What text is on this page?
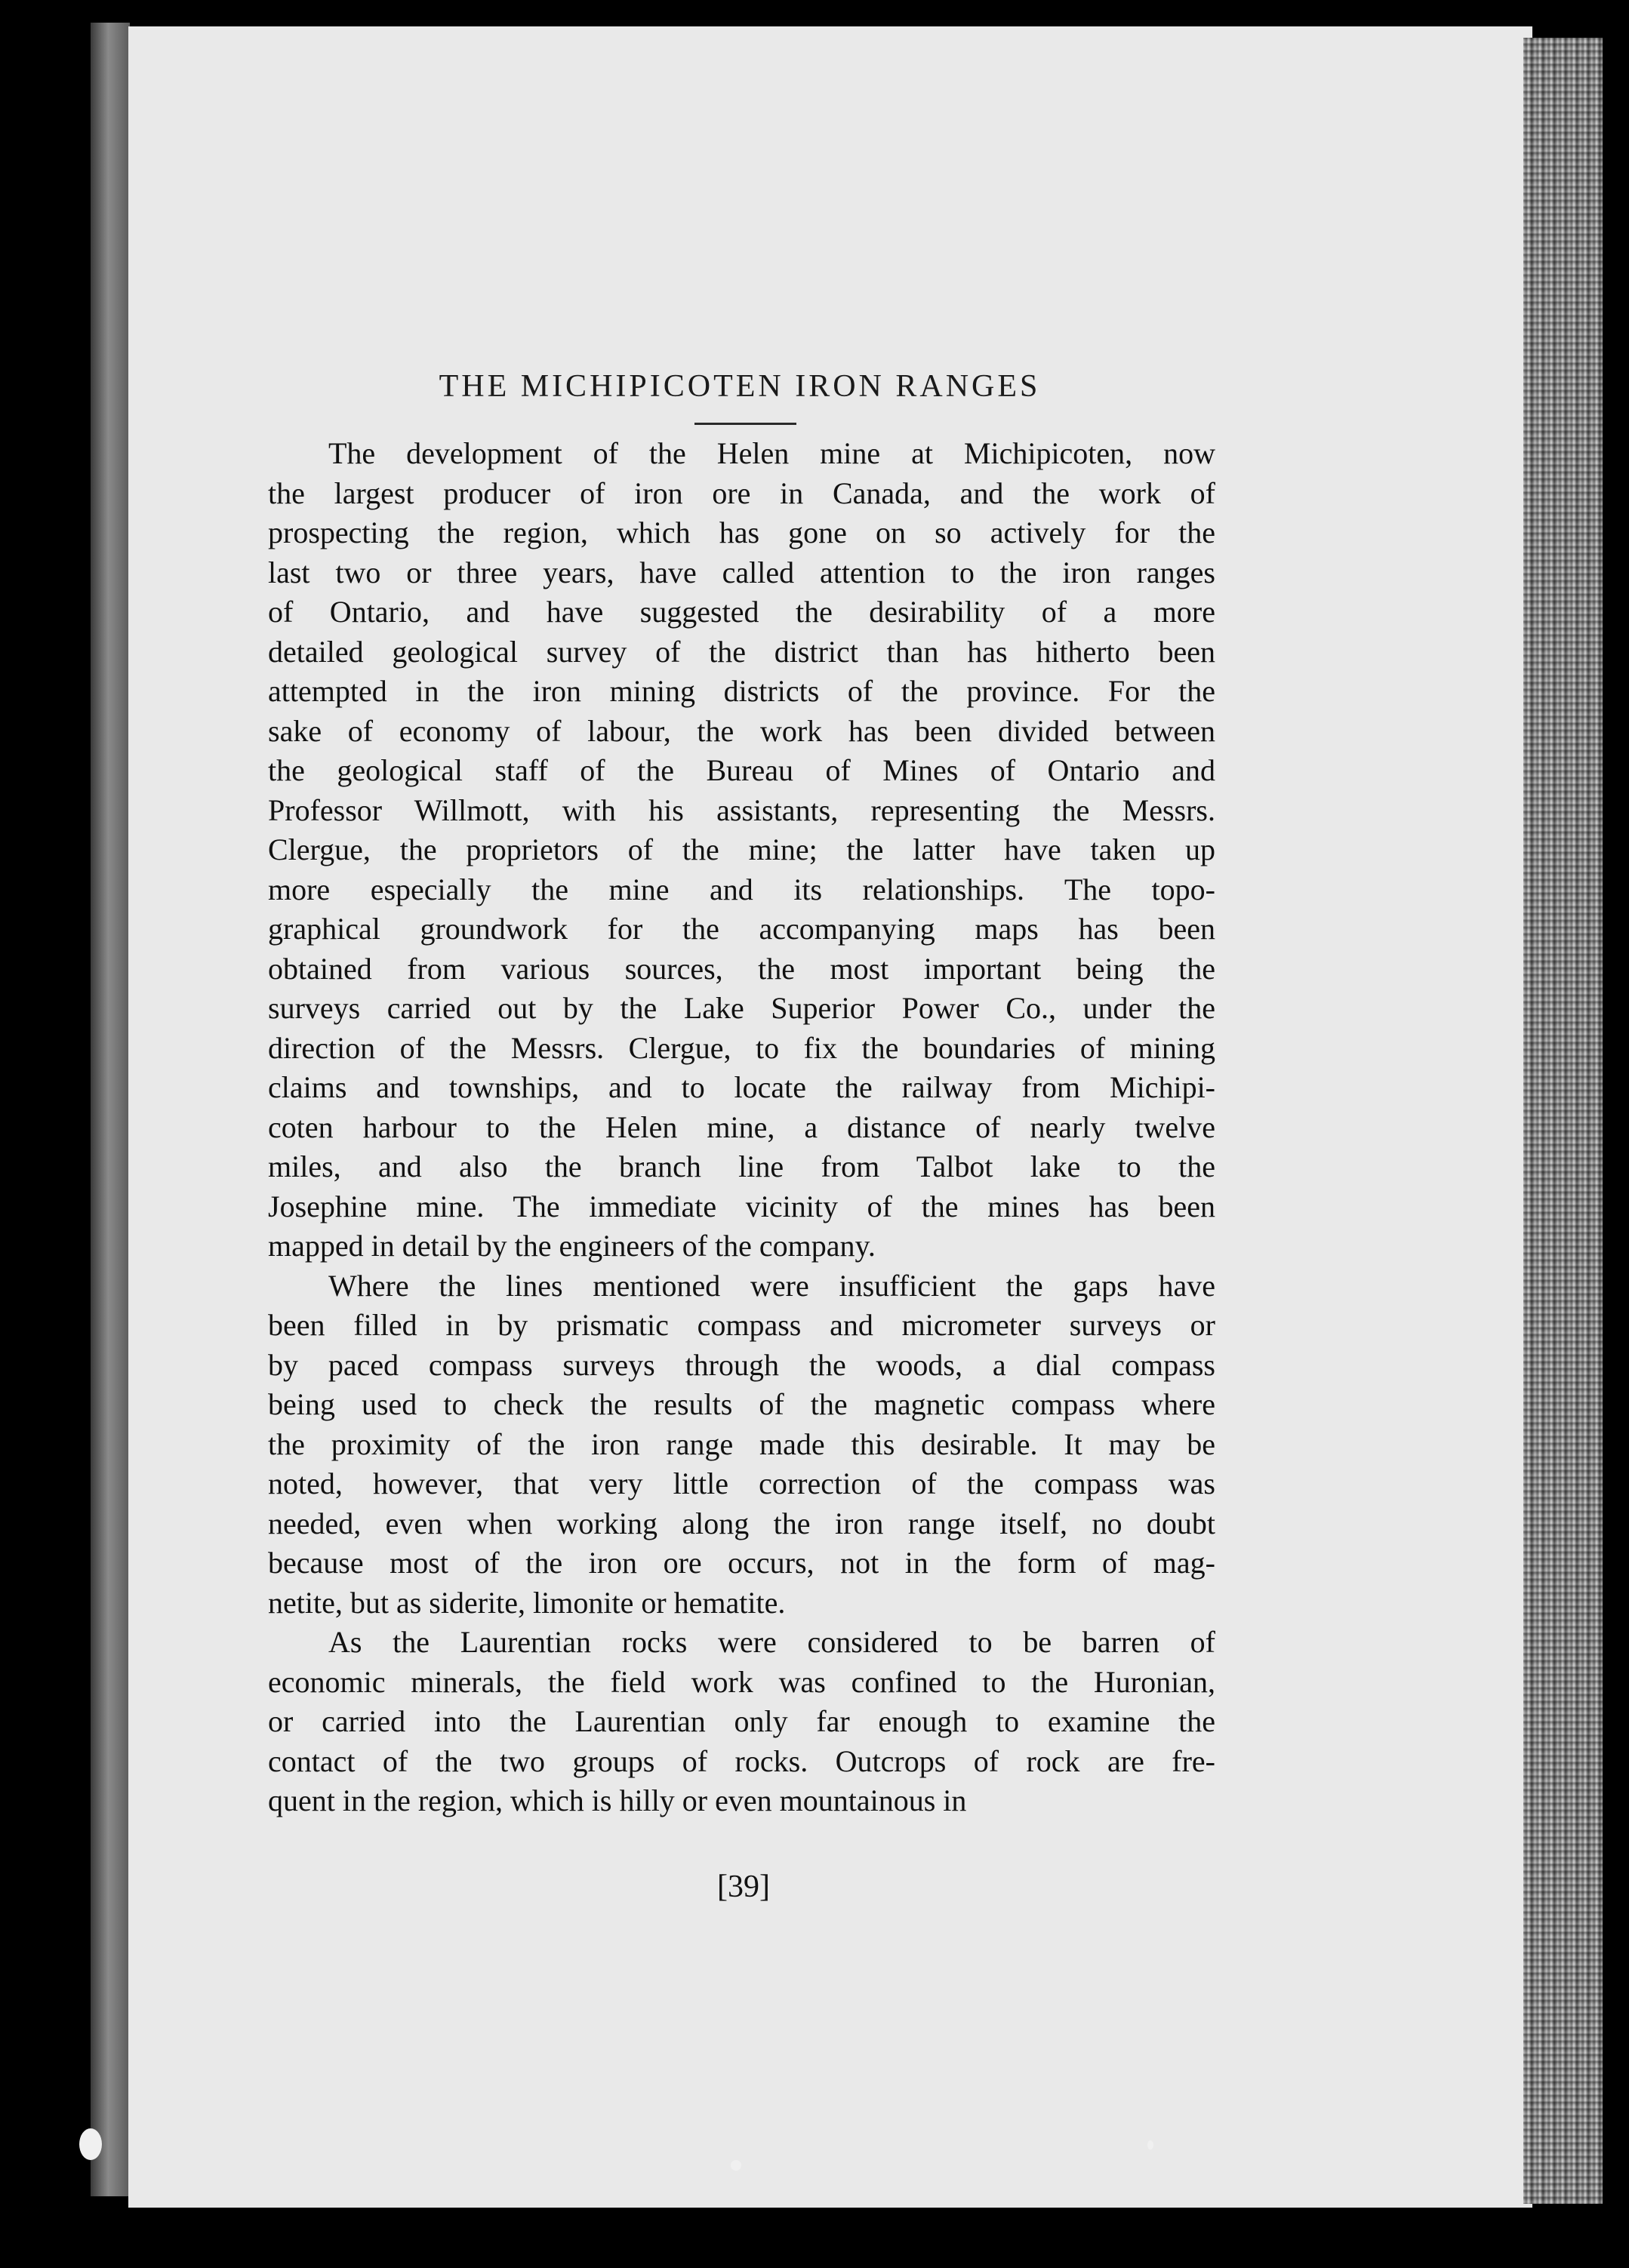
THE MICHIPICOTEN IRON RANGES
The development of the Helen mine at Michipicoten, now
the largest producer of iron ore in Canada, and the work of
prospecting the region, which has gone on so actively for the
last two or three years, have called attention to the iron ranges
of Ontario, and have suggested the desirability of a more
detailed geological survey of the district than has hitherto been
attempted in the iron mining districts of the province. For the
sake of economy of labour, the work has been divided between
the geological staff of the Bureau of Mines of Ontario and
Professor Willmott, with his assistants, representing the Messrs.
Clergue, the proprietors of the mine; the latter have taken up
more especially the mine and its relationships. The topo-
graphical groundwork for the accompanying maps has been
obtained from various sources, the most important being the
surveys carried out by the Lake Superior Power Co., under the
direction of the Messrs. Clergue, to fix the boundaries of mining
claims and townships, and to locate the railway from Michipi-
coten harbour to the Helen mine, a distance of nearly twelve
miles, and also the branch line from Talbot lake to the
Josephine mine. The immediate vicinity of the mines has been
mapped in detail by the engineers of the company.
Where the lines mentioned were insufficient the gaps have
been filled in by prismatic compass and micrometer surveys or
by paced compass surveys through the woods, a dial compass
being used to check the results of the magnetic compass where
the proximity of the iron range made this desirable. It may be
noted, however, that very little correction of the compass was
needed, even when working along the iron range itself, no doubt
because most of the iron ore occurs, not in the form of mag-
netite, but as siderite, limonite or hematite.
As the Laurentian rocks were considered to be barren of
economic minerals, the field work was confined to the Huronian,
or carried into the Laurentian only far enough to examine the
contact of the two groups of rocks. Outcrops of rock are fre-
quent in the region, which is hilly or even mountainous in
[39]
